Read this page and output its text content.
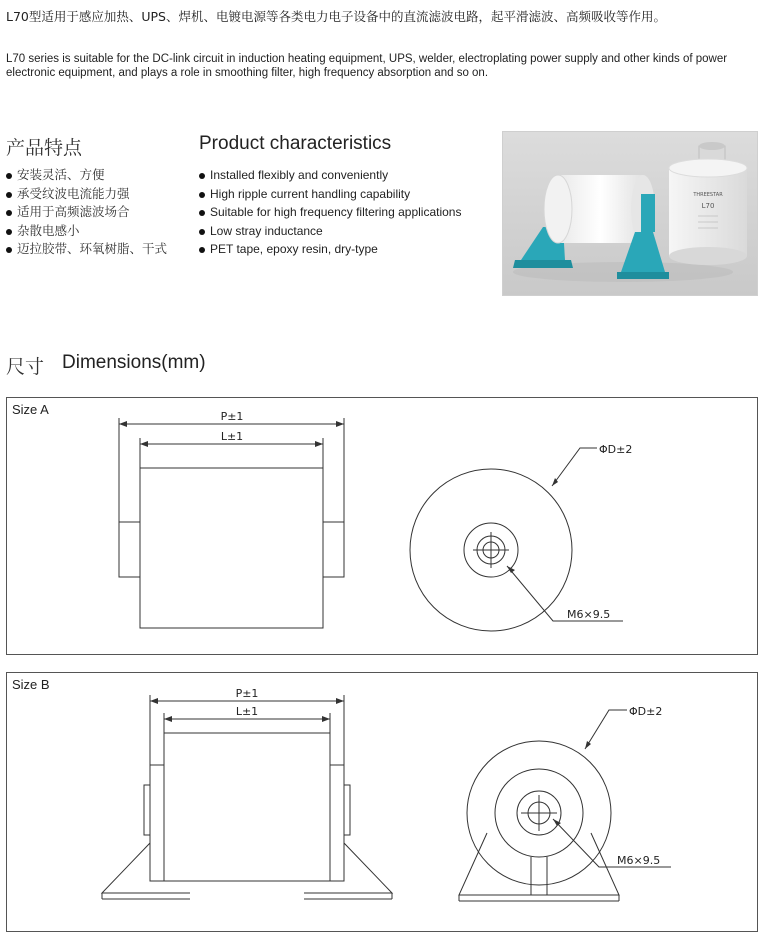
L70型适用于感应加热、UPS、焊机、电镀电源等各类电力电子设备中的直流滤波电路，起平滑滤波、高频吸收等作用。
L70 series is suitable for the DC-link circuit in induction heating equipment, UPS, welder, electroplating power supply and other kinds of power electronic equipment, and plays a role in smoothing filter, high frequency absorption and so on.
产品特点	Product characteristics
安装灵活、方便
承受纹波电流能力强
适用于高频滤波场合
杂散电感小
迈拉胶带、环氧树脂、干式
Installed flexibly and conveniently
High ripple current handling capability
Suitable for high frequency filtering applications
Low stray inductance
PET tape, epoxy resin, dry-type
THREESTAR
L70
尺寸 Dimensions(mm)
Size A	P±1
L±1
ΦD±2
M6×9.5
Size B
P±1
L±1	ΦD±2
M6×9.5
